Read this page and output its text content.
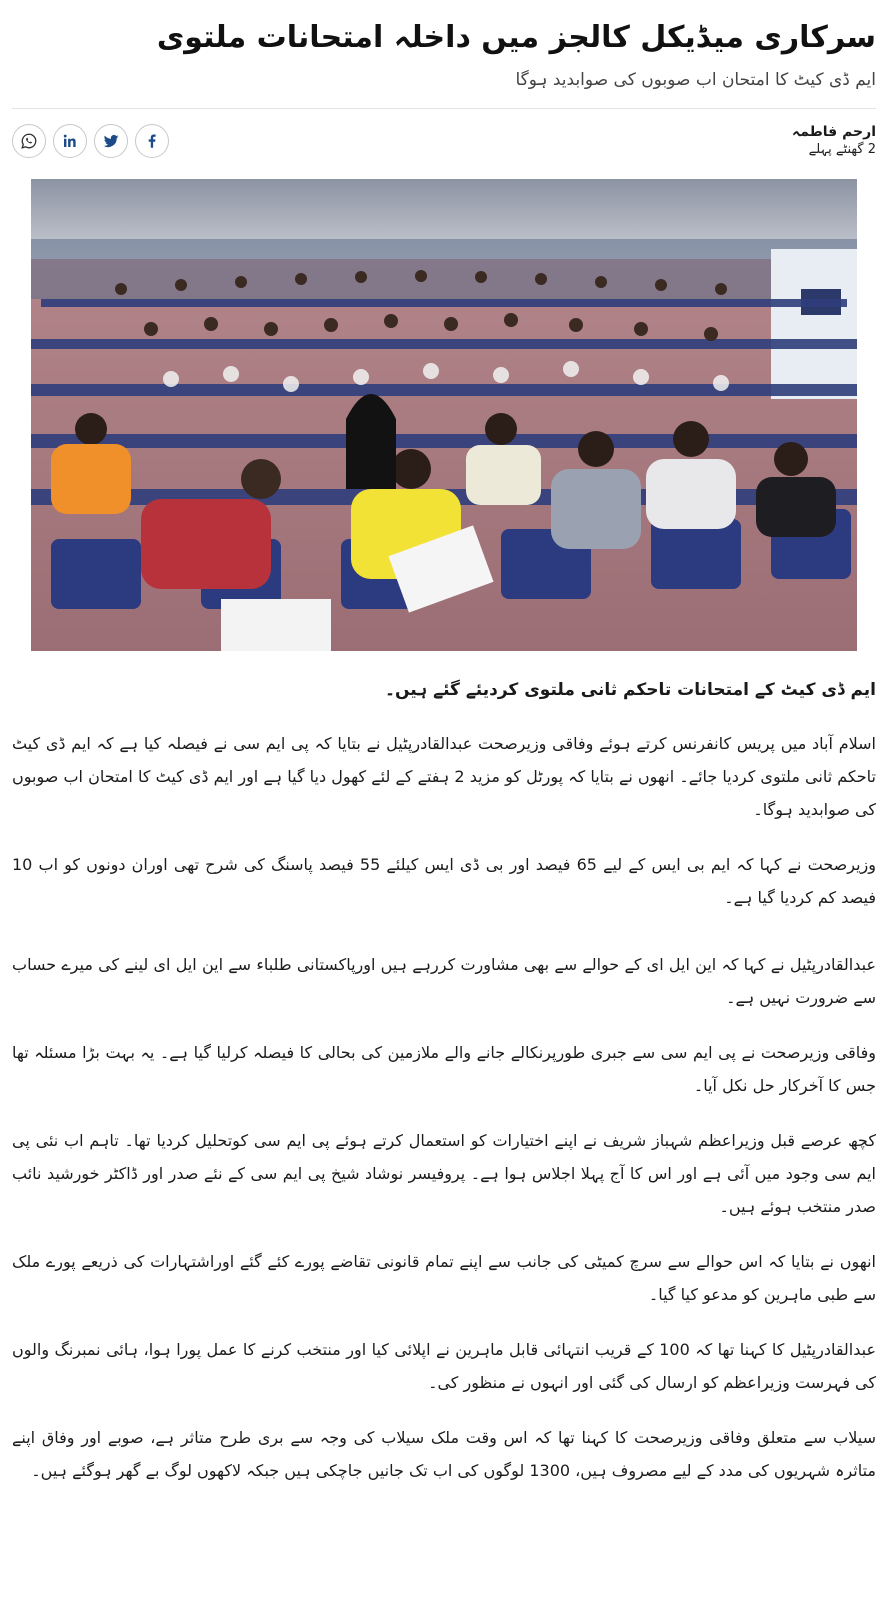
سرکاری میڈیکل کالجز میں داخلہ امتحانات ملتوی

ایم ڈی کیٹ کا امتحان اب صوبوں کی صوابدید ہوگا

ارحم فاطمہ
2 گھنٹے پہلے

ایم ڈی کیٹ کے امتحانات تاحکم ثانی ملتوی کردیئے گئے ہیں۔

اسلام آباد میں پریس کانفرنس کرتے ہوئے وفاقی وزیرصحت عبدالقادرپٹیل نے بتایا کہ پی ایم سی نے فیصلہ کیا ہے کہ ایم ڈی کیٹ تاحکم ثانی ملتوی کردیا جائے۔ انھوں نے بتایا کہ پورٹل کو مزید 2 ہفتے کے لئے کھول دیا گیا ہے اور ایم ڈی کیٹ کا امتحان اب صوبوں کی صوابدید ہوگا۔

وزیرصحت نے کہا کہ ایم بی ایس کے لیے 65 فیصد اور بی ڈی ایس کیلئے 55 فیصد پاسنگ کی شرح تھی اوران دونوں کو اب 10 فیصد کم کردیا گیا ہے۔

عبدالقادرپٹیل نے کہا کہ این ایل ای کے حوالے سے بھی مشاورت کررہے ہیں اورپاکستانی طلباء سے این ایل ای لینے کی میرے حساب سے ضرورت نہیں ہے۔

وفاقی وزیرصحت نے پی ایم سی سے جبری طورپرنکالے جانے والے ملازمین کی بحالی کا فیصلہ کرلیا گیا ہے۔ یہ بہت بڑا مسئلہ تھا جس کا آخرکار حل نکل آیا۔

کچھ عرصے قبل وزیراعظم شہباز شریف نے اپنے اختیارات کو استعمال کرتے ہوئے پی ایم سی کوتحلیل کردیا تھا۔ تاہم اب نئی پی ایم سی وجود میں آئی ہے اور اس کا آج پہلا اجلاس ہوا ہے۔ پروفیسر نوشاد شیخ پی ایم سی کے نئے صدر اور ڈاکٹر خورشید نائب صدر منتخب ہوئے ہیں۔

انھوں نے بتایا کہ اس حوالے سے سرچ کمیٹی کی جانب سے اپنے تمام قانونی تقاضے پورے کئے گئے اوراشتہارات کی ذریعے پورے ملک سے طبی ماہرین کو مدعو کیا گیا۔

عبدالقادرپٹیل کا کہنا تھا کہ 100 کے قریب انتہائی قابل ماہرین نے اپلائی کیا اور منتخب کرنے کا عمل پورا ہوا، ہائی نمبرنگ والوں کی فہرست وزیراعظم کو ارسال کی گئی اور انہوں نے منظور کی۔

سیلاب سے متعلق وفاقی وزیرصحت کا کہنا تھا کہ اس وقت ملک سیلاب کی وجہ سے بری طرح متاثر ہے، صوبے اور وفاق اپنے متاثرہ شہریوں کی مدد کے لیے مصروف ہیں، 1300 لوگوں کی اب تک جانیں جاچکی ہیں جبکہ لاکھوں لوگ بے گھر ہوگئے ہیں۔
